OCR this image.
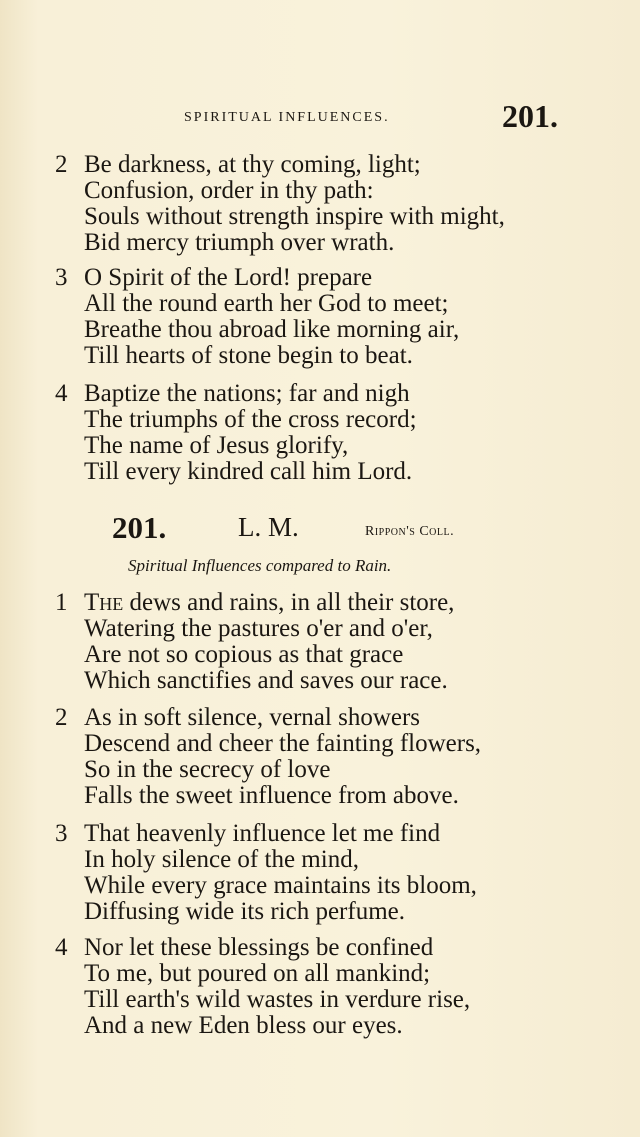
SPIRITUAL INFLUENCES.	201.
2 Be darkness, at thy coming, light;
Confusion, order in thy path:
Souls without strength inspire with might,
Bid mercy triumph over wrath.
3 O Spirit of the Lord! prepare
All the round earth her God to meet;
Breathe thou abroad like morning air,
Till hearts of stone begin to beat.
4 Baptize the nations; far and nigh
The triumphs of the cross record;
The name of Jesus glorify,
Till every kindred call him Lord.
201.	L. M.	Rippon's Coll.
Spiritual Influences compared to Rain.
1 The dews and rains, in all their store,
Watering the pastures o'er and o'er,
Are not so copious as that grace
Which sanctifies and saves our race.
2 As in soft silence, vernal showers
Descend and cheer the fainting flowers,
So in the secrecy of love
Falls the sweet influence from above.
3 That heavenly influence let me find
In holy silence of the mind,
While every grace maintains its bloom,
Diffusing wide its rich perfume.
4 Nor let these blessings be confined
To me, but poured on all mankind;
Till earth's wild wastes in verdure rise,
And a new Eden bless our eyes.
